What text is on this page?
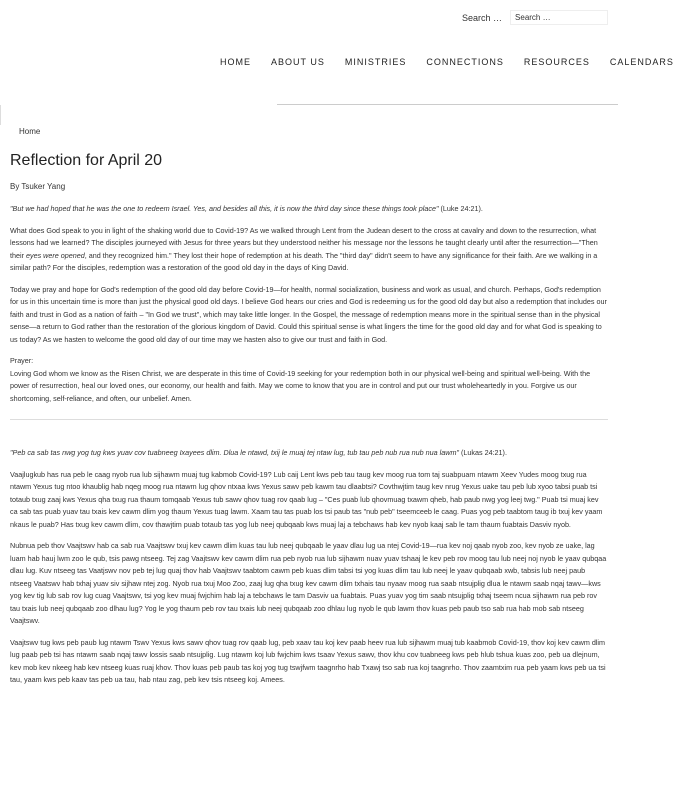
Search …
Search …
HOME ABOUT US MINISTRIES CONNECTIONS RESOURCES CALENDARS
Home
Reflection for April 20
By Tsuker Yang

"But we had hoped that he was the one to redeem Israel. Yes, and besides all this, it is now the third day since these things took place" (Luke 24:21).

What does God speak to you in light of the shaking world due to Covid-19? As we walked through Lent from the Judean desert to the cross at cavalry and down to the resurrection, what lessons had we learned? The disciples journeyed with Jesus for three years but they understood neither his message nor the lessons he taught clearly until after the resurrection—"Then their eyes were opened, and they recognized him." They lost their hope of redemption at his death. The "third day" didn't seem to have any significance for their faith. Are we walking in a similar path? For the disciples, redemption was a restoration of the good old day in the days of King David.

Today we pray and hope for God's redemption of the good old day before Covid-19—for health, normal socialization, business and work as usual, and church. Perhaps, God's redemption for us in this uncertain time is more than just the physical good old days. I believe God hears our cries and God is redeeming us for the good old day but also a redemption that includes our faith and trust in God as a nation of faith – "In God we trust", which may take little longer. In the Gospel, the message of redemption means more in the spiritual sense than in the physical sense—a return to God rather than the restoration of the glorious kingdom of David. Could this spiritual sense is what lingers the time for the good old day and for what God is speaking to us today? As we hasten to welcome the good old day of our time may we hasten also to give our trust and faith in God.

Prayer:
Loving God whom we know as the Risen Christ, we are desperate in this time of Covid-19 seeking for your redemption both in our physical well-being and spiritual well-being. With the power of resurrection, heal our loved ones, our economy, our health and faith. May we come to know that you are in control and put our trust wholeheartedly in you. Forgive us our shortcoming, self-reliance, and often, our unbelief. Amen.

"Peb ca sab tas nwg yog tug kws yuav cov tuabneeg Ixayees dlim. Dlua le ntawd, txij le muaj tej ntaw lug, tub tau peb nub rua nub nua lawm" (Lukas 24:21).

Vaajlugkub has rua peb le caag nyob rua lub sijhawm muaj tug kabmob Covid-19? Lub caij Lent kws peb tau taug kev moog rua tom taj suabpuam ntawm Xeev Yudes moog txug rua ntawm Yexus tug ntoo khaublig hab nqeg moog rua ntawm lug qhov ntxaa kws Yexus sawv peb kawm tau dlaabtsi? Covthwjtim taug kev nrug Yexus uake tau peb lub xyoo tabsi puab tsi totaub txug zaaj kws Yexus qha txug rua thaum tomqaab Yexus tub sawv qhov tuag rov qaab lug – "Ces puab lub qhovmuag txawm qheb, hab paub nwg yog leej twg." Puab tsi muaj kev ca sab tas puab yuav tau txais kev cawm dlim yog thaum Yexus tuag lawm. Xaam tau tas puab los tsi paub tas "nub peb" tseemceeb le caag. Puas yog peb taabtom taug ib txuj kev yaam nkaus le puab? Has txug kev cawm dlim, cov thawjtim puab totaub tas yog lub neej qubqaab kws muaj laj a tebchaws hab kev nyob kaaj sab le tam thaum fuabtais Dasviv nyob.

Nubnua peb thov Vaajtswv hab ca sab rua Vaajtswv txuj kev cawm dlim kuas tau lub neej qubqaab le yaav dlau lug ua ntej Covid-19—rua kev noj qaab nyob zoo, kev nyob ze uake, lag luam hab hauj lwm zoo le qub, tsis pawg ntseeg. Tej zag Vaajtswv kev cawm dlim rua peb nyob rua lub sijhawm nuav yuav tshaaj le kev peb rov moog tau lub neej noj nyob le yaav qubqaa dlau lug. Kuv ntseeg tas Vaatjswv nov peb tej lug quaj thov hab Vaajtswv taabtom cawm peb kuas dlim tabsi tsi yog kuas dlim tau lub neej le yaav qubqaab xwb, tabsis lub neej paub ntseeg Vaatswv hab txhaj yuav siv sijhaw ntej zog. Nyob rua txuj Moo Zoo, zaaj lug qha txug kev cawm dlim txhais tau nyaav moog rua saab ntsujplig dlua le ntawm saab nqaj tawv—kws yog kev tig lub sab rov lug cuag Vaajtswv, tsi yog kev muaj fwjchim hab laj a tebchaws le tam Dasviv ua fuabtais. Puas yuav yog tim saab ntsujplig txhaj tseem ncua sijhawm rua peb rov tau txais lub neej qubqaab zoo dlhau lug? Yog le yog thaum peb rov tau txais lub neej qubqaab zoo dhlau lug nyob le qub lawm thov kuas peb paub tso sab rua hab mob sab ntseeg Vaajtswv.

Vaajtswv tug kws peb paub lug ntawm Tswv Yexus kws sawv qhov tuag rov qaab lug, peb xaav tau koj kev paab heev rua lub sijhawm muaj tub kaabmob Covid-19, thov koj kev cawm dlim lug paab peb tsi has ntawm saab nqaj tawv lossis saab ntsujplig. Lug ntawm koj lub fwjchim kws tsaav Yexus sawv, thov khu cov tuabneeg kws peb hlub tshua kuas zoo, peb ua dlejnum, kev mob kev nkeeg hab kev ntseeg kuas ruaj khov. Thov kuas peb paub tas koj yog tug tswjfwm taagnrho hab Txawj tso sab rua koj taagnrho. Thov zaamtxim rua peb yaam kws peb ua tsi tau, yaam kws peb kaav tas peb ua tau, hab ntau zag, peb kev tsis ntseeg koj. Amees.
